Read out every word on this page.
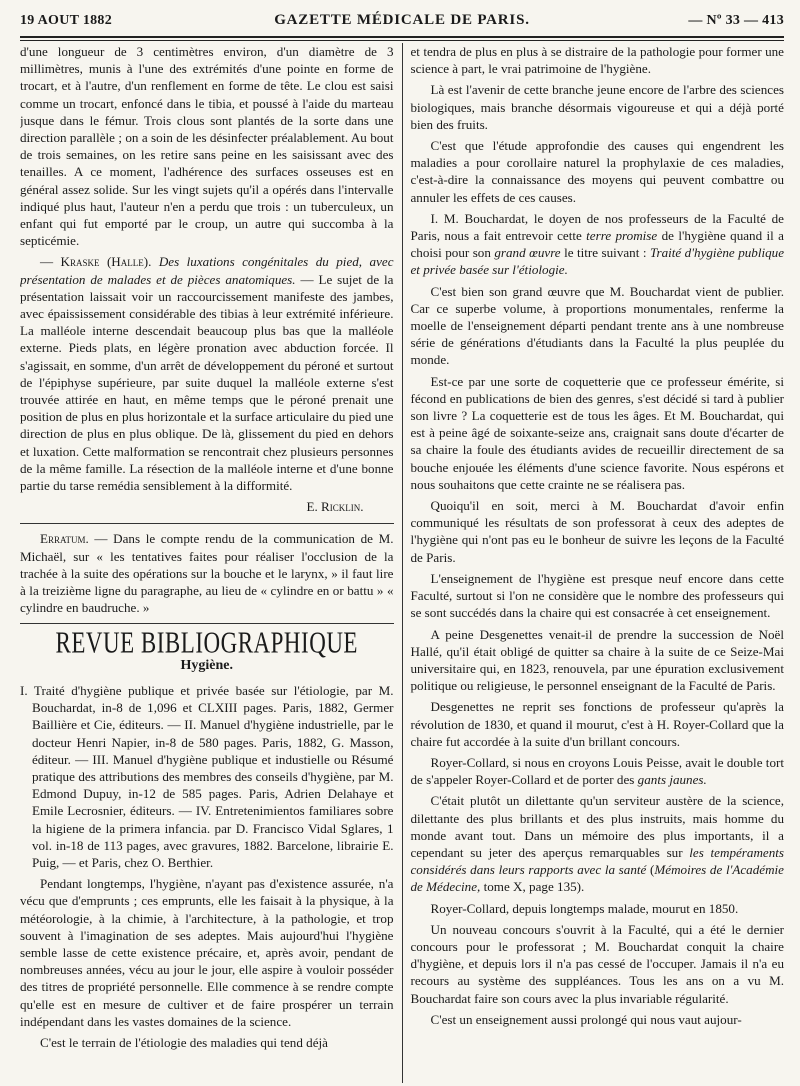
19 AOUT 1882	GAZETTE MÉDICALE DE PARIS.	— Nº 33 — 413

d'une longueur de 3 centimètres environ, d'un diamètre de 3 millimètres, munis à l'une des extrémités d'une pointe en forme de trocart, et à l'autre, d'un renflement en forme de tête. Le clou est saisi comme un trocart, enfoncé dans le tibia, et poussé à l'aide du marteau jusque dans le fémur. Trois clous sont plantés de la sorte dans une direction parallèle ; on a soin de les désinfecter préalablement. Au bout de trois semaines, on les retire sans peine en les saisissant avec des tenailles. A ce moment, l'adhérence des surfaces osseuses est en général assez solide. Sur les vingt sujets qu'il a opérés dans l'intervalle indiqué plus haut, l'auteur n'en a perdu que trois : un tuberculeux, un enfant qui fut emporté par le croup, un autre qui succomba à la septicémie.

— Kraske (Halle). Des luxations congénitales du pied, avec présentation de malades et de pièces anatomiques. — Le sujet de la présentation laissait voir un raccourcissement manifeste des jambes, avec épaississement considérable des tibias à leur extrémité inférieure. La malléole interne descendait beaucoup plus bas que la malléole externe. Pieds plats, en légère pronation avec abduction forcée. Il s'agissait, en somme, d'un arrêt de développement du péroné et surtout de l'épiphyse supérieure, par suite duquel la malléole externe s'est trouvée attirée en haut, en même temps que le péroné prenait une position de plus en plus horizontale et la surface articulaire du pied une direction de plus en plus oblique. De là, glissement du pied en dehors et luxation. Cette malformation se rencontrait chez plusieurs personnes de la même famille. La résection de la malléole interne et d'une bonne partie du tarse remédia sensiblement à la difformité.

E. Ricklin.

Erratum. — Dans le compte rendu de la communication de M. Michaël, sur « les tentatives faites pour réaliser l'occlusion de la trachée à la suite des opérations sur la bouche et le larynx, » il faut lire à la treizième ligne du paragraphe, au lieu de « cylindre en or battu » « cylindre en baudruche. »

REVUE BIBLIOGRAPHIQUE
Hygiène.

I. Traité d'hygiène publique et privée basée sur l'étiologie, par M. Bouchardat, in-8 de 1,096 et CLXIII pages. Paris, 1882, Germer Baillière et Cie, éditeurs. — II. Manuel d'hygiène industrielle, par le docteur Henri Napier, in-8 de 580 pages. Paris, 1882, G. Masson, éditeur. — III. Manuel d'hygiène publique et industielle ou Résumé pratique des attributions des membres des conseils d'hygiène, par M. Edmond Dupuy, in-12 de 585 pages. Paris, Adrien Delahaye et Emile Lecrosnier, éditeurs. — IV. Entretenimientos familiares sobre la higiene de la primera infancia. par D. Francisco Vidal Sglares, 1 vol. in-18 de 113 pages, avec gravures, 1882. Barcelone, librairie E. Puig, — et Paris, chez O. Berthier.

Pendant longtemps, l'hygiène, n'ayant pas d'existence assurée, n'a vécu que d'emprunts ; ces emprunts, elle les faisait à la physique, à la météorologie, à la chimie, à l'architecture, à la pathologie, et trop souvent à l'imagination de ses adeptes. Mais aujourd'hui l'hygiène semble lasse de cette existence précaire, et, après avoir, pendant de nombreuses années, vécu au jour le jour, elle aspire à vouloir posséder des titres de propriété personnelle. Elle commence à se rendre compte qu'elle est en mesure de cultiver et de faire prospérer un terrain indépendant dans les vastes domaines de la science.

C'est le terrain de l'étiologie des maladies qui tend déjà

et tendra de plus en plus à se distraire de la pathologie pour former une science à part, le vrai patrimoine de l'hygiène.

Là est l'avenir de cette branche jeune encore de l'arbre des sciences biologiques, mais branche désormais vigoureuse et qui a déjà porté bien des fruits.

C'est que l'étude approfondie des causes qui engendrent les maladies a pour corollaire naturel la prophylaxie de ces maladies, c'est-à-dire la connaissance des moyens qui peuvent combattre ou annuler les effets de ces causes.

I. M. Bouchardat, le doyen de nos professeurs de la Faculté de Paris, nous a fait entrevoir cette terre promise de l'hygiène quand il a choisi pour son grand œuvre le titre suivant : Traité d'hygiène publique et privée basée sur l'étiologie.

C'est bien son grand œuvre que M. Bouchardat vient de publier. Car ce superbe volume, à proportions monumentales, renferme la moelle de l'enseignement départi pendant trente ans à une nombreuse série de générations d'étudiants dans la Faculté la plus peuplée du monde.

Est-ce par une sorte de coquetterie que ce professeur émérite, si fécond en publications de bien des genres, s'est décidé si tard à publier son livre ? La coquetterie est de tous les âges. Et M. Bouchardat, qui est à peine âgé de soixante-seize ans, craignait sans doute d'écarter de sa chaire la foule des étudiants avides de recueillir directement de sa bouche enjouée les éléments d'une science favorite. Nous espérons et nous souhaitons que cette crainte ne se réalisera pas.

Quoiqu'il en soit, merci à M. Bouchardat d'avoir enfin communiqué les résultats de son professorat à ceux des adeptes de l'hygiène qui n'ont pas eu le bonheur de suivre les leçons de la Faculté de Paris.

L'enseignement de l'hygiène est presque neuf encore dans cette Faculté, surtout si l'on ne considère que le nombre des professeurs qui se sont succédés dans la chaire qui est consacrée à cet enseignement.

A peine Desgenettes venait-il de prendre la succession de Noël Hallé, qu'il était obligé de quitter sa chaire à la suite de ce Seize-Mai universitaire qui, en 1823, renouvela, par une épuration exclusivement politique ou religieuse, le personnel enseignant de la Faculté de Paris.

Desgenettes ne reprit ses fonctions de professeur qu'après la révolution de 1830, et quand il mourut, c'est à H. Royer-Collard que la chaire fut accordée à la suite d'un brillant concours.

Royer-Collard, si nous en croyons Louis Peisse, avait le double tort de s'appeler Royer-Collard et de porter des gants jaunes.

C'était plutôt un dilettante qu'un serviteur austère de la science, dilettante des plus brillants et des plus instruits, mais homme du monde avant tout. Dans un mémoire des plus importants, il a cependant su jeter des aperçus remarquables sur les tempéraments considérés dans leurs rapports avec la santé (Mémoires de l'Académie de Médecine, tome X, page 135).

Royer-Collard, depuis longtemps malade, mourut en 1850.

Un nouveau concours s'ouvrit à la Faculté, qui a été le dernier concours pour le professorat ; M. Bouchardat conquit la chaire d'hygiène, et depuis lors il n'a pas cessé de l'occuper. Jamais il n'a eu recours au système des suppléances. Tous les ans on a vu M. Bouchardat faire son cours avec la plus invariable régularité.

C'est un enseignement aussi prolongé qui nous vaut aujour-
